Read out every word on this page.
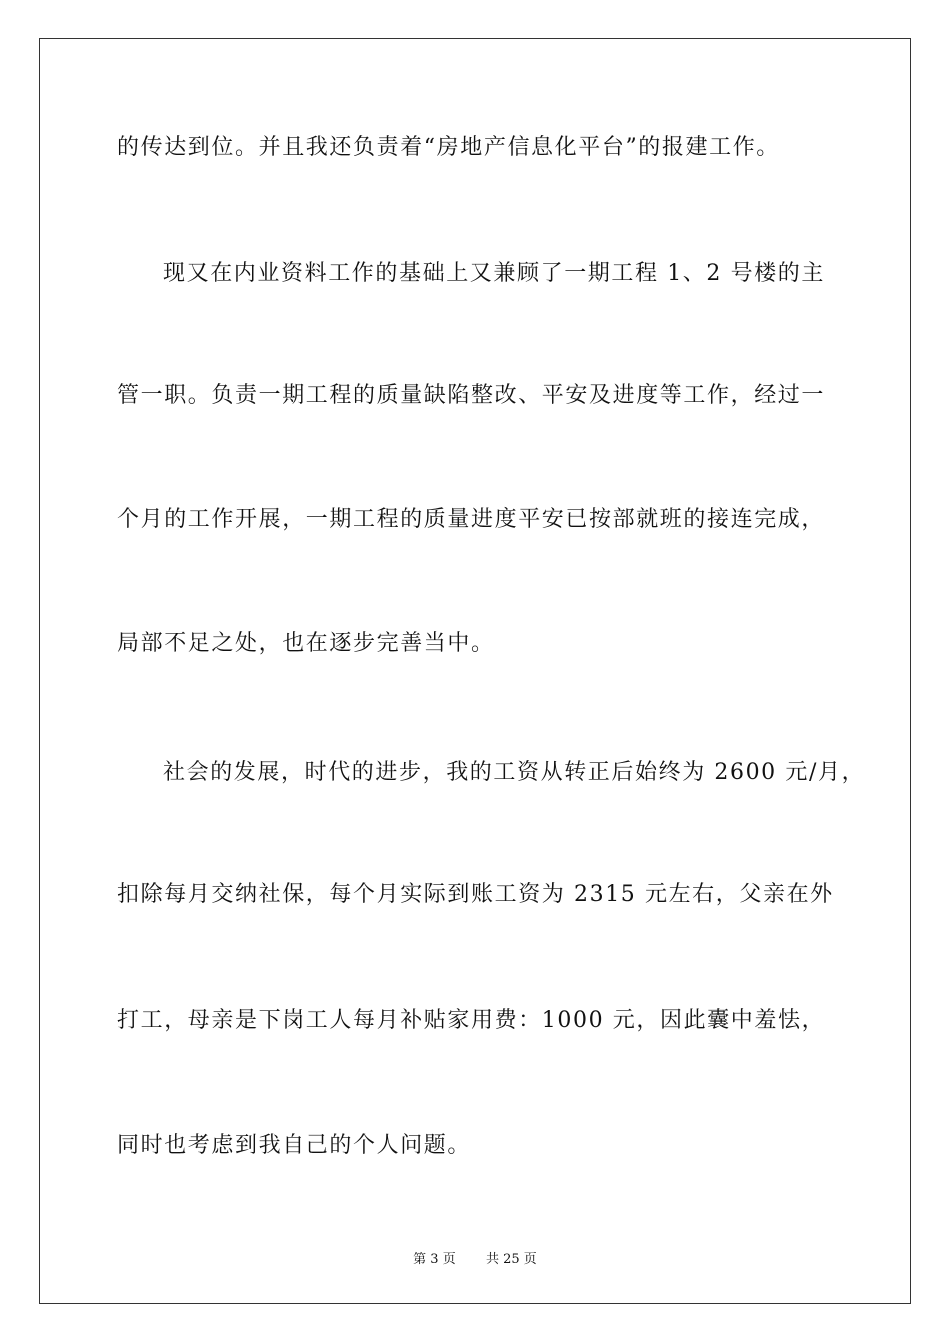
的传达到位。并且我还负责着“房地产信息化平台”的报建工作。
现又在内业资料工作的基础上又兼顾了一期工程 1、2 号楼的主
管一职。负责一期工程的质量缺陷整改、平安及进度等工作，经过一
个月的工作开展，一期工程的质量进度平安已按部就班的接连完成，
局部不足之处，也在逐步完善当中。
社会的发展，时代的进步，我的工资从转正后始终为 2600 元/月，
扣除每月交纳社保，每个月实际到账工资为 2315 元左右，父亲在外
打工，母亲是下岗工人每月补贴家用费：1000 元，因此囊中羞怯，
同时也考虑到我自己的个人问题。
第 3 页 共 25 页
